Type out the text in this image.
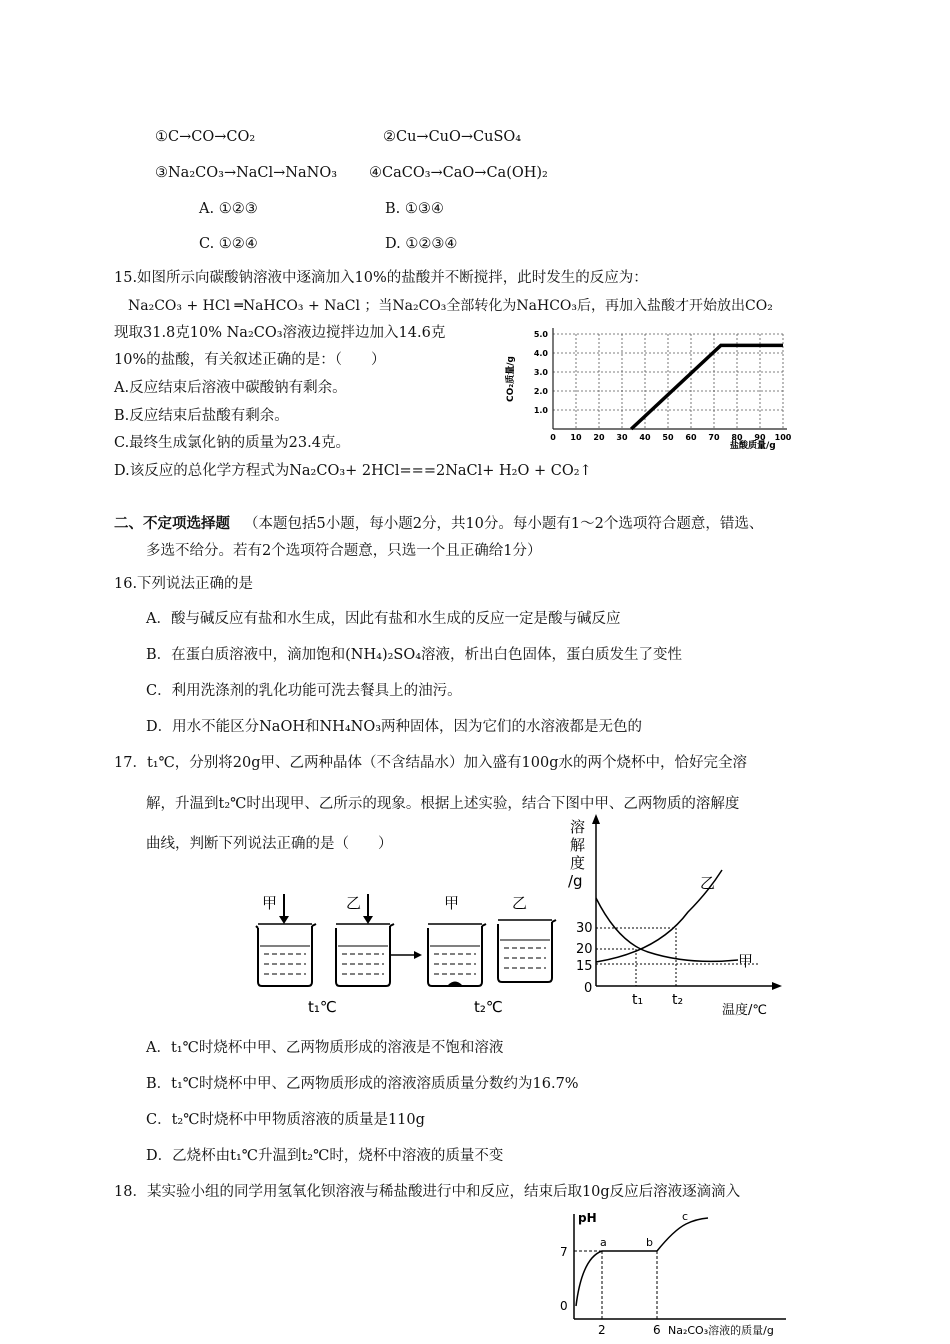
①C→CO→CO₂	②Cu→CuO→CuSO₄
③Na₂CO₃→NaCl→NaNO₃ ④CaCO₃→CaO→Ca(OH)₂
A. ①②③	B. ①③④
C. ①②④	D. ①②③④
15.如图所示向碳酸钠溶液中逐滴加入10%的盐酸并不断搅拌，此时发生的反应为：
Na₂CO₃ + HCl ═NaHCO₃ + NaCl ；当Na₂CO₃全部转化为NaHCO₃后，再加入盐酸才开始放出CO₂
现取31.8克10% Na₂CO₃溶液边搅拌边加入14.6克
10%的盐酸，有关叙述正确的是：（　　）
A.反应结束后溶液中碳酸钠有剩余。
B.反应结束后盐酸有剩余。
C.最终生成氯化钠的质量为23.4克。
D.该反应的总化学方程式为Na₂CO₃+ 2HCl===2NaCl+ H₂O + CO₂↑
0 10 20 30 40 50 60 70 80 90 100
1.0
2.0
3.0
4.0
5.0
CO₂质量/g
盐酸质量/g
二、不定项选择题 （本题包括5小题，每小题2分，共10分。每小题有1～2个选项符合题意，错选、
多选不给分。若有2个选项符合题意，只选一个且正确给1分）
16.下列说法正确的是
A．酸与碱反应有盐和水生成，因此有盐和水生成的反应一定是酸与碱反应
B．在蛋白质溶液中，滴加饱和(NH₄)₂SO₄溶液，析出白色固体，蛋白质发生了变性
C．利用洗涤剂的乳化功能可洗去餐具上的油污。
D．用水不能区分NaOH和NH₄NO₃两种固体，因为它们的水溶液都是无色的
17．t₁℃，分别将20g甲、乙两种晶体（不含结晶水）加入盛有100g水的两个烧杯中，恰好完全溶
解，升温到t₂℃时出现甲、乙所示的现象。根据上述实验，结合下图中甲、乙两物质的溶解度
曲线，判断下列说法正确的是（　　）
甲	乙	甲	乙
t₁℃	t₂℃
溶
解
度
/g
30
20
15
0
甲
乙
t₁ t₂
温度/℃
A．t₁℃时烧杯中甲、乙两物质形成的溶液是不饱和溶液
B．t₁℃时烧杯中甲、乙两物质形成的溶液溶质质量分数约为16.7%
C．t₂℃时烧杯中甲物质溶液的质量是110g
D．乙烧杯由t₁℃升温到t₂℃时，烧杯中溶液的质量不变
18．某实验小组的同学用氢氧化钡溶液与稀盐酸进行中和反应，结束后取10g反应后溶液逐滴滴入
pH
7
0
a	b
c
2	6 Na₂CO₃溶液的质量/g
